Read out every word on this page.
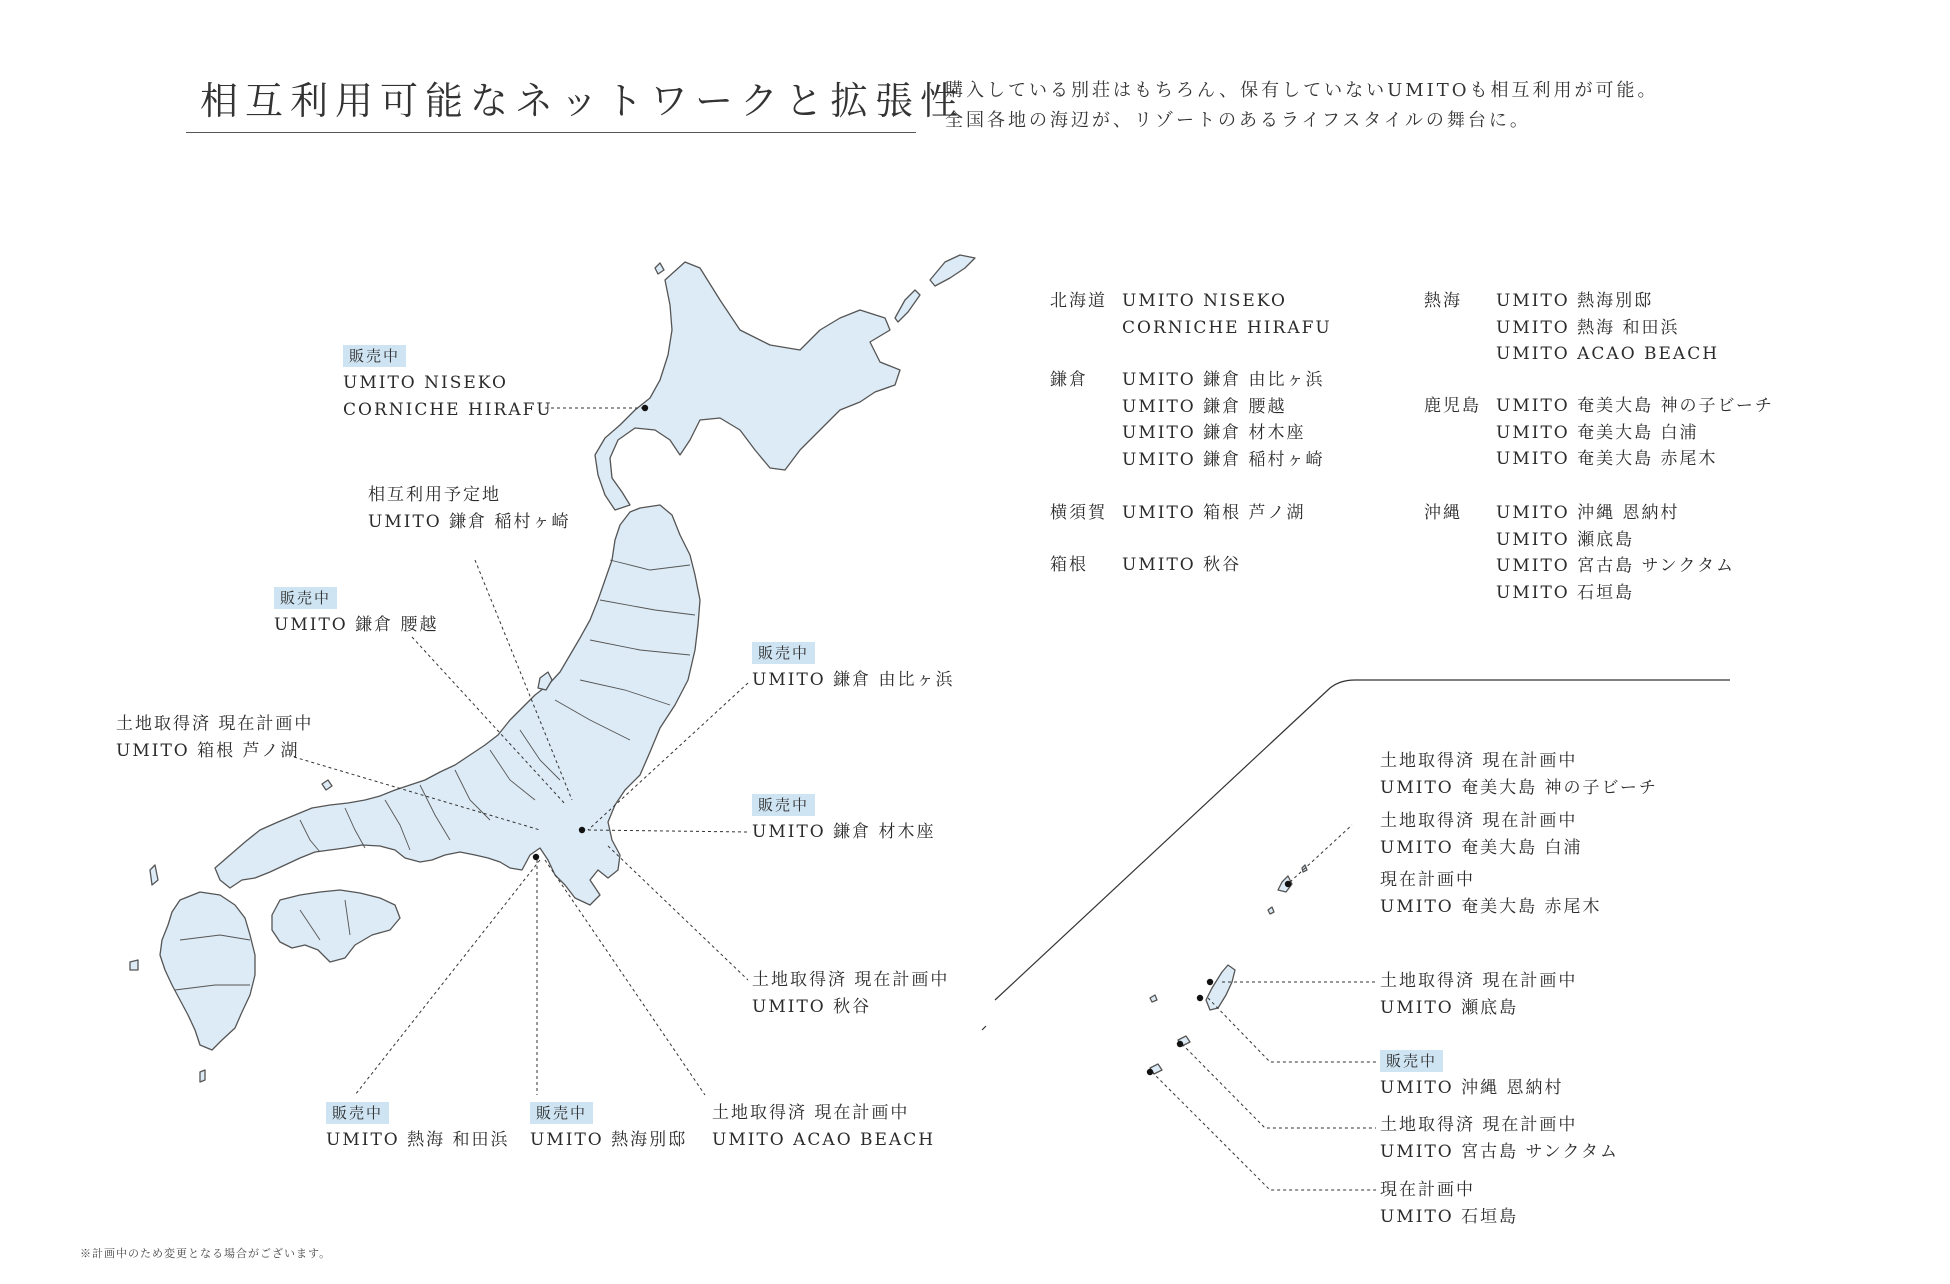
相互利用可能なネットワークと拡張性
購入している別荘はもちろん、保有していないUMITOも相互利用が可能。
全国各地の海辺が、リゾートのあるライフスタイルの舞台に。
販売中
UMITO NISEKO
CORNICHE HIRAFU
相互利用予定地
UMITO 鎌倉 稲村ヶ崎
販売中
UMITO 鎌倉 腰越
土地取得済 現在計画中
UMITO 箱根 芦ノ湖
販売中
UMITO 鎌倉 由比ヶ浜
販売中
UMITO 鎌倉 材木座
土地取得済 現在計画中
UMITO 秋谷
販売中
UMITO 熱海 和田浜
販売中
UMITO 熱海別邸
土地取得済 現在計画中
UMITO ACAO BEACH
土地取得済 現在計画中
UMITO 奄美大島 神の子ビーチ
土地取得済 現在計画中
UMITO 奄美大島 白浦
現在計画中
UMITO 奄美大島 赤尾木
土地取得済 現在計画中
UMITO 瀬底島
販売中
UMITO 沖縄 恩納村
土地取得済 現在計画中
UMITO 宮古島 サンクタム
現在計画中
UMITO 石垣島
北海道 UMITO NISEKO
CORNICHE HIRAFU
鎌倉 UMITO 鎌倉 由比ヶ浜
UMITO 鎌倉 腰越
UMITO 鎌倉 材木座
UMITO 鎌倉 稲村ヶ崎
横須賀 UMITO 箱根 芦ノ湖
箱根 UMITO 秋谷
熱海 UMITO 熱海別邸
UMITO 熱海 和田浜
UMITO ACAO BEACH
鹿児島 UMITO 奄美大島 神の子ビーチ
UMITO 奄美大島 白浦
UMITO 奄美大島 赤尾木
沖縄 UMITO 沖縄 恩納村
UMITO 瀬底島
UMITO 宮古島 サンクタム
UMITO 石垣島
※計画中のため変更となる場合がございます。
